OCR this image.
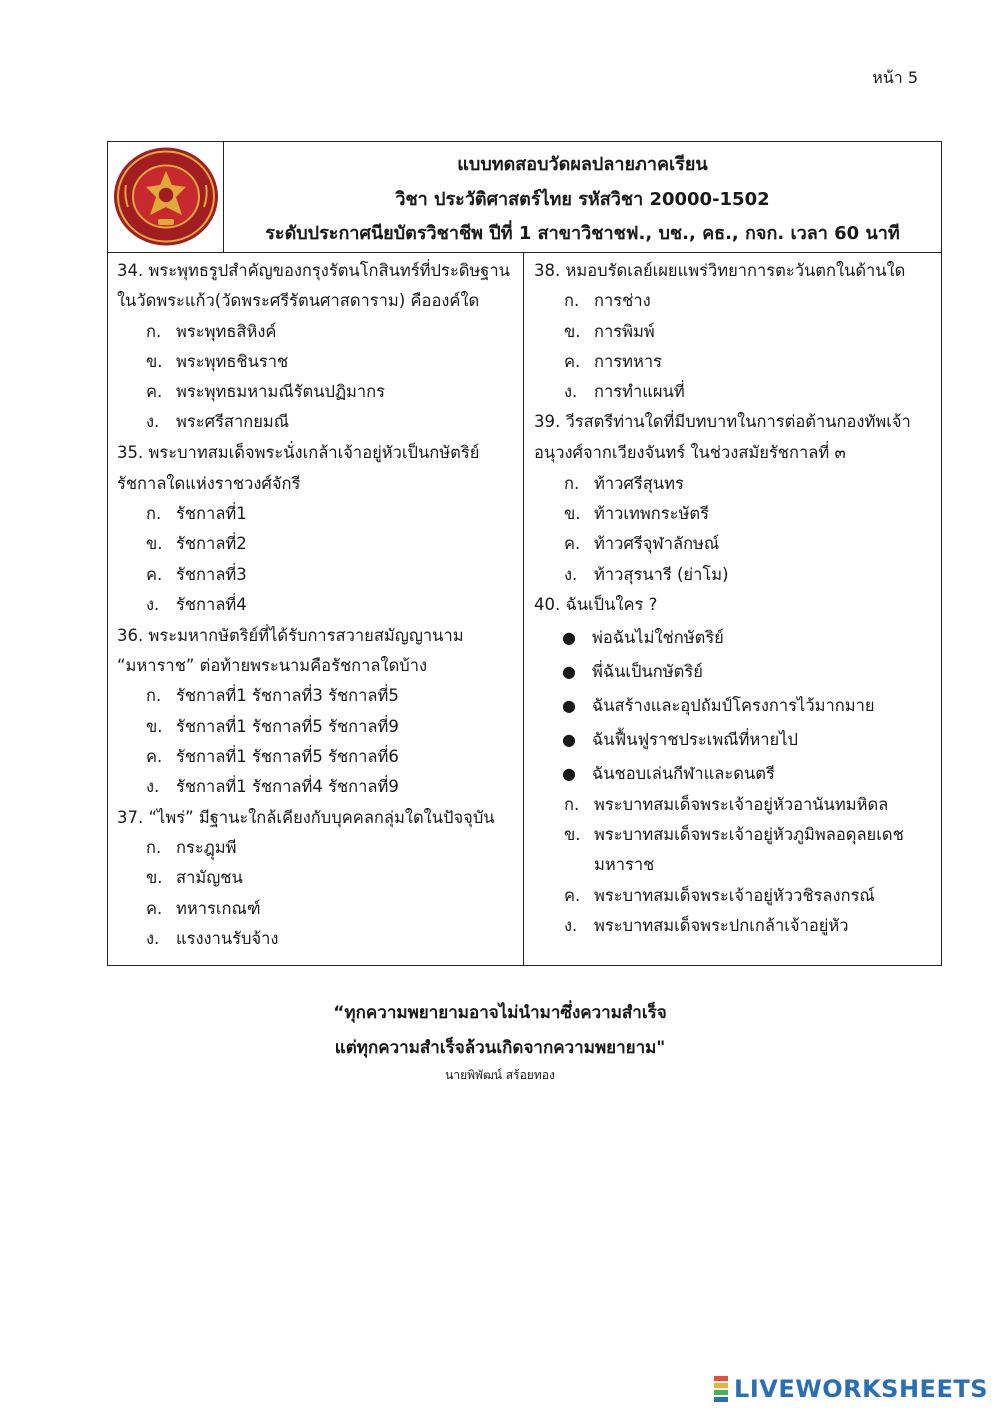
หน้า 5
แบบทดสอบวัดผลปลายภาคเรียน
วิชา ประวัติศาสตร์ไทย รหัสวิชา 20000-1502
ระดับประกาศนียบัตรวิชาชีพ ปีที่ 1 สาขาวิชาชฟ., บช., คธ., กจก. เวลา 60 นาที
34. พระพุทธรูปสำคัญของกรุงรัตนโกสินทร์ที่ประดิษฐาน
ในวัดพระแก้ว(วัดพระศรีรัตนศาสดาราม) คือองค์ใด
ก. พระพุทธสิหิงค์
ข. พระพุทธชินราช
ค. พระพุทธมหามณีรัตนปฏิมากร
ง. พระศรีสากยมณี
35. พระบาทสมเด็จพระนั่งเกล้าเจ้าอยู่หัวเป็นกษัตริย์
รัชกาลใดแห่งราชวงศ์จักรี
ก. รัชกาลที่1
ข. รัชกาลที่2
ค. รัชกาลที่3
ง. รัชกาลที่4
36. พระมหากษัตริย์ที่ได้รับการสวายสมัญญานาม
“มหาราช” ต่อท้ายพระนามคือรัชกาลใดบ้าง
ก. รัชกาลที่1 รัชกาลที่3 รัชกาลที่5
ข. รัชกาลที่1 รัชกาลที่5 รัชกาลที่9
ค. รัชกาลที่1 รัชกาลที่5 รัชกาลที่6
ง. รัชกาลที่1 รัชกาลที่4 รัชกาลที่9
37. “ไพร่” มีฐานะใกล้เคียงกับบุคคลกลุ่มใดในปัจจุบัน
ก. กระฎุมพี
ข. สามัญชน
ค. ทหารเกณฑ์
ง. แรงงานรับจ้าง
38. หมอบรัดเลย์เผยแพร่วิทยาการตะวันตกในด้านใด
ก. การช่าง
ข. การพิมพ์
ค. การทหาร
ง. การทำแผนที่
39. วีรสตรีท่านใดที่มีบทบาทในการต่อต้านกองทัพเจ้า
อนุวงศ์จากเวียงจันทร์ ในช่วงสมัยรัชกาลที่ ๓
ก. ท้าวศรีสุนทร
ข. ท้าวเทพกระษัตรี
ค. ท้าวศรีจุฬาลักษณ์
ง. ท้าวสุรนารี (ย่าโม)
40. ฉันเป็นใคร ?
● พ่อฉันไม่ใช่กษัตริย์
● พี่ฉันเป็นกษัตริย์
● ฉันสร้างและอุปถัมป์โครงการไว้มากมาย
● ฉันฟื้นฟูราชประเพณีที่หายไป
● ฉันชอบเล่นกีฬาและดนตรี
ก. พระบาทสมเด็จพระเจ้าอยู่หัวอานันทมหิดล
ข. พระบาทสมเด็จพระเจ้าอยู่หัวภูมิพลอดุลยเดช
มหาราช
ค. พระบาทสมเด็จพระเจ้าอยู่หัววชิรลงกรณ์
ง. พระบาทสมเด็จพระปกเกล้าเจ้าอยู่หัว
“ทุกความพยายามอาจไม่นำมาซึ่งความสำเร็จ
แต่ทุกความสำเร็จล้วนเกิดจากความพยายาม"
นายพิพัฒน์ สร้อยทอง
LIVEWORKSHEETS
